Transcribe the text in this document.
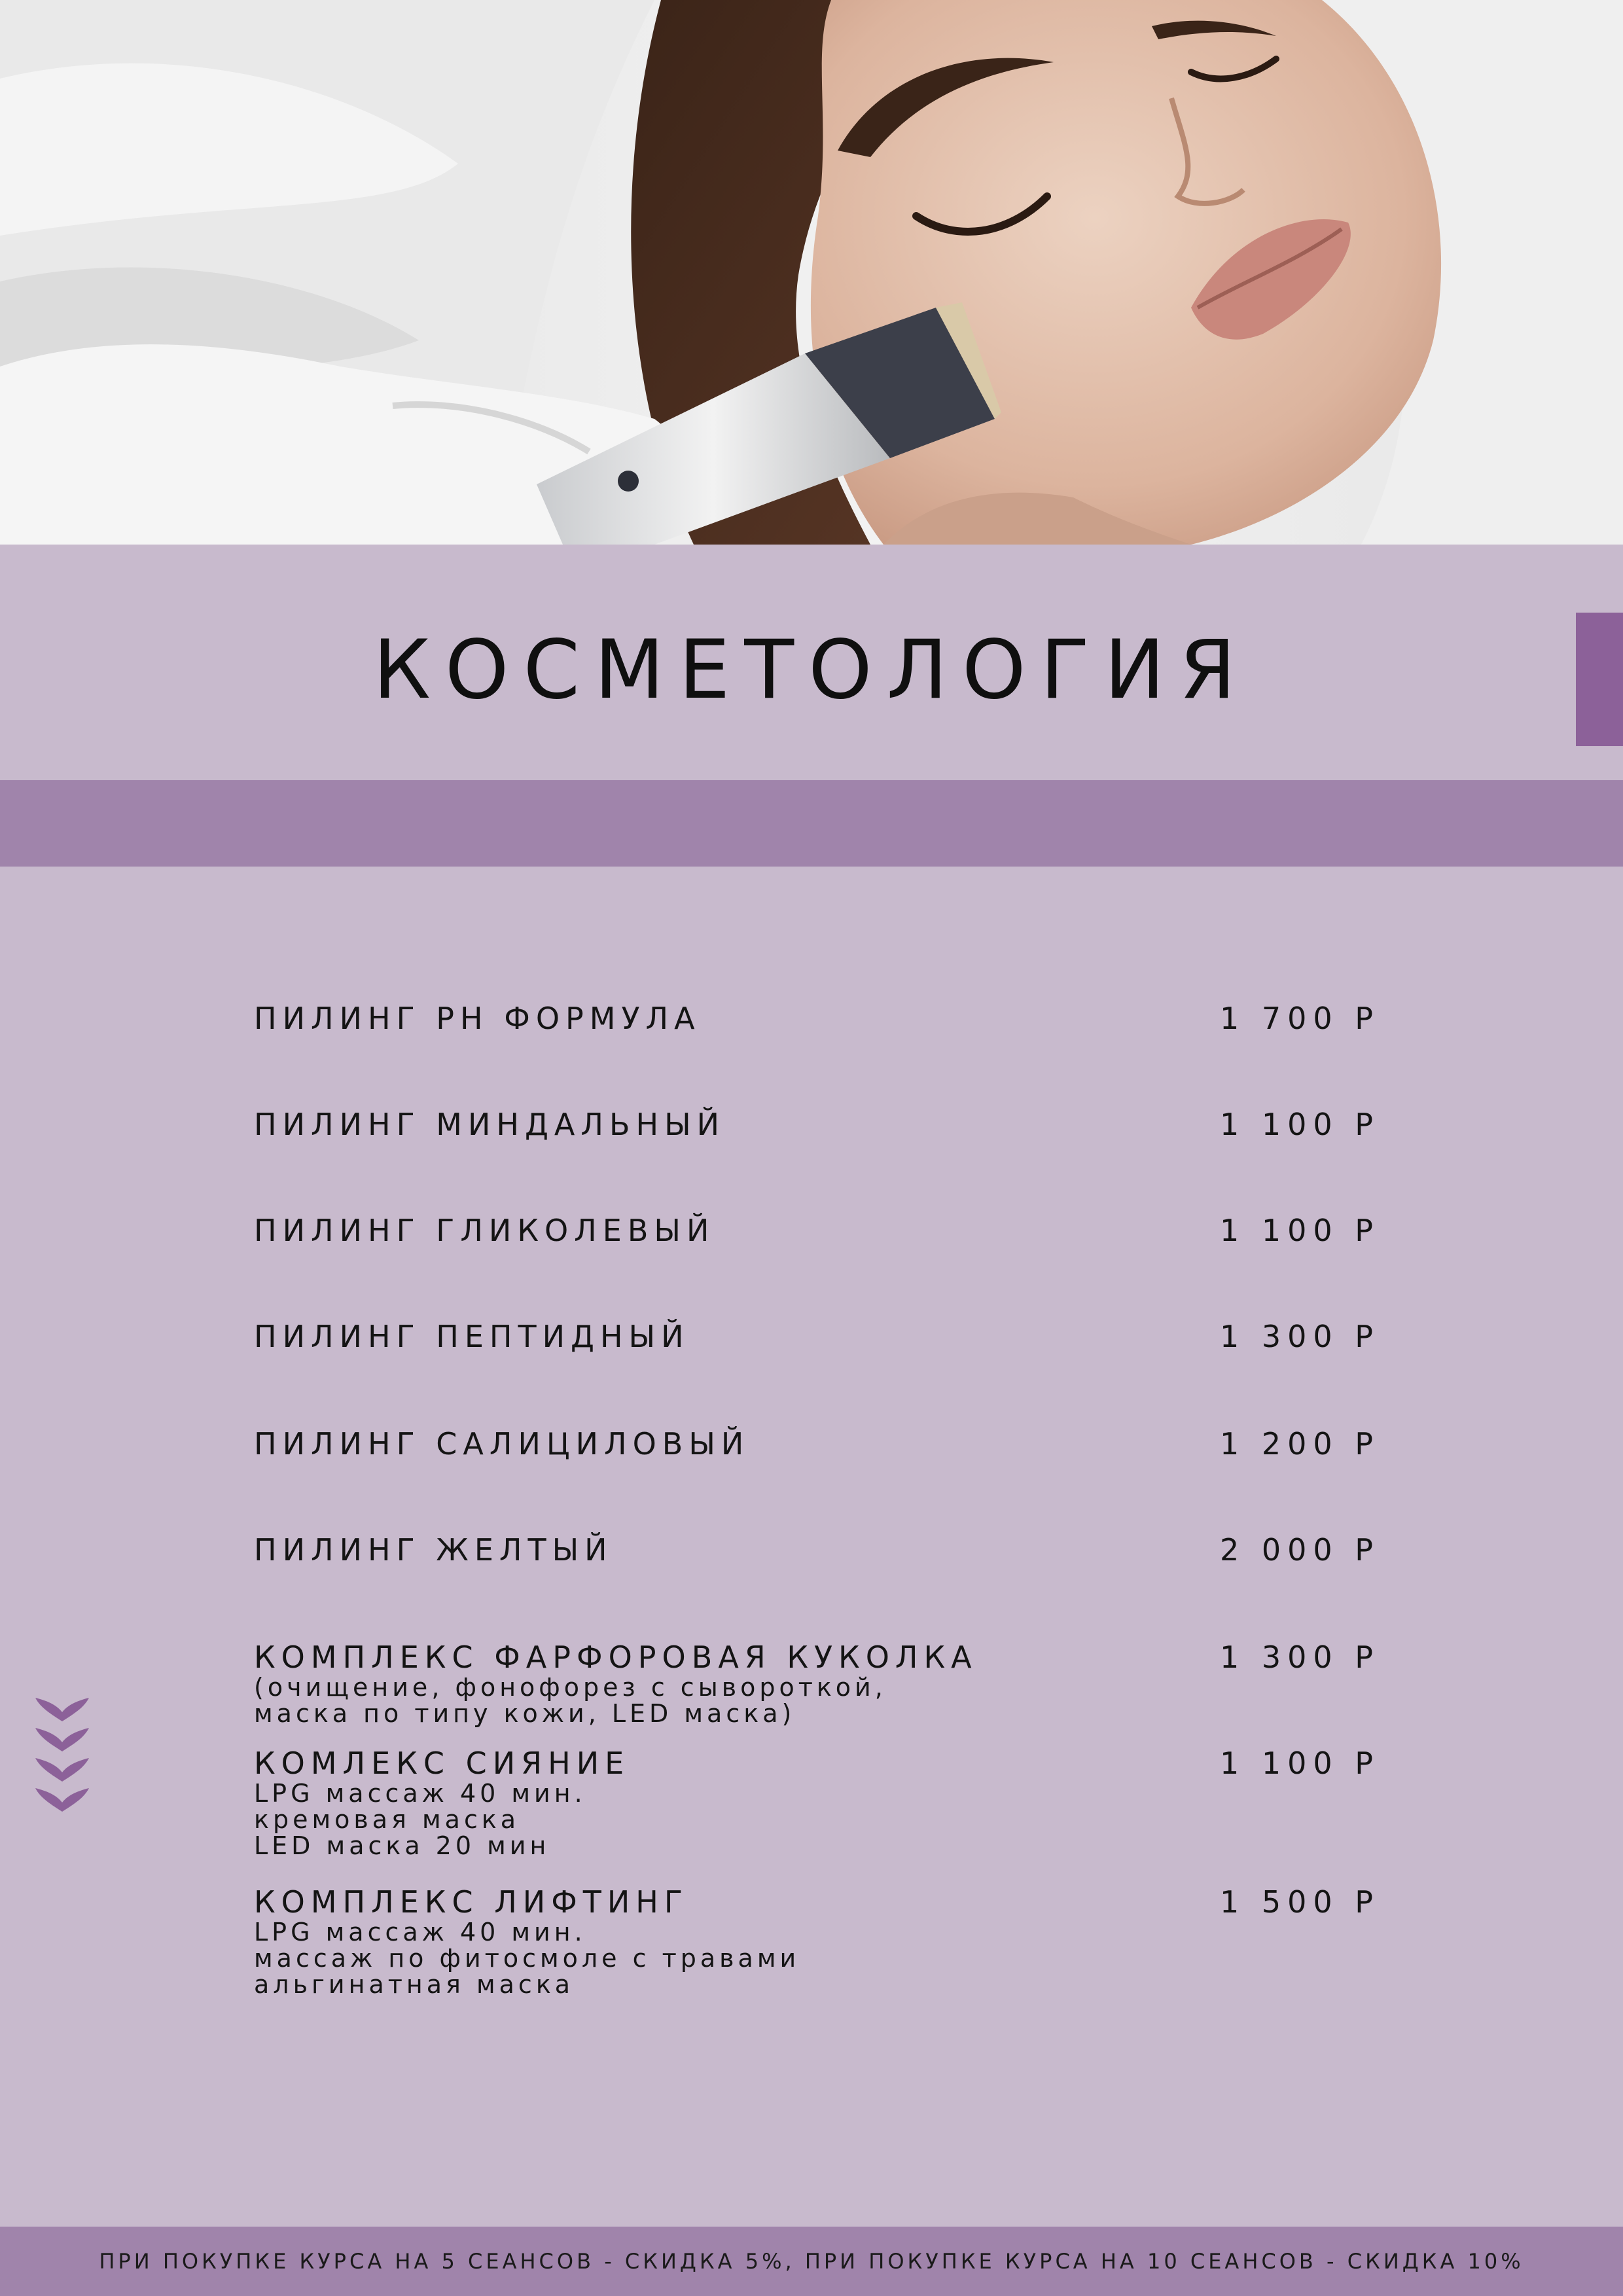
КОСМЕТОЛОГИЯ
ПИЛИНГ PH ФОРМУЛА	1 700 Р
ПИЛИНГ МИНДАЛЬНЫЙ	1 100 Р
ПИЛИНГ ГЛИКОЛЕВЫЙ	1 100 Р
ПИЛИНГ ПЕПТИДНЫЙ	1 300 Р
ПИЛИНГ САЛИЦИЛОВЫЙ	1 200 Р
ПИЛИНГ ЖЕЛТЫЙ	2 000 Р
КОМПЛЕКС ФАРФОРОВАЯ КУКОЛКА	1 300 Р
(очищение, фонофорез с сывороткой,
маска по типу кожи, LED маска)
КОМЛЕКС СИЯНИЕ	1 100 Р
LPG массаж 40 мин.
кремовая маска
LED маска 20 мин
КОМПЛЕКС ЛИФТИНГ	1 500 Р
LPG массаж 40 мин.
массаж по фитосмоле с травами
альгинатная маска
ПРИ ПОКУПКЕ КУРСА НА 5 СЕАНСОВ - СКИДКА 5%, ПРИ ПОКУПКЕ КУРСА НА 10 СЕАНСОВ - СКИДКА 10%
